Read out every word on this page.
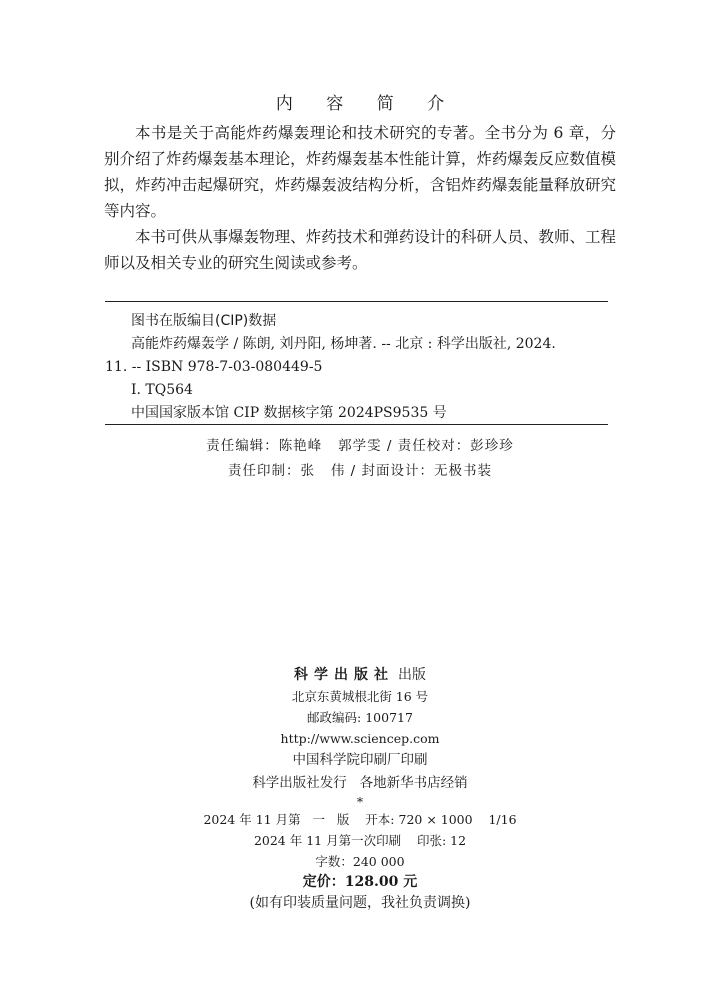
内 容 简 介

本书是关于高能炸药爆轰理论和技术研究的专著。全书分为 6 章，分别介绍了炸药爆轰基本理论，炸药爆轰基本性能计算，炸药爆轰反应数值模拟，炸药冲击起爆研究，炸药爆轰波结构分析，含铝炸药爆轰能量释放研究等内容。

本书可供从事爆轰物理、炸药技术和弹药设计的科研人员、教师、工程师以及相关专业的研究生阅读或参考。

图书在版编目(CIP)数据
高能炸药爆轰学 / 陈朗, 刘丹阳, 杨坤著. -- 北京 : 科学出版社, 2024.
11. -- ISBN 978-7-03-080449-5
Ⅰ. TQ564
中国国家版本馆 CIP 数据核字第 2024PS9535 号
责任编辑：陈艳峰   郭学雯 / 责任校对：彭珍珍
责任印制：张   伟 / 封面设计：无极书装
科学出版社 出版
北京东黄城根北街 16 号
邮政编码: 100717
http://www.sciencep.com
中国科学院印刷厂印刷
科学出版社发行   各地新华书店经销
*
2024 年 11 月第   一   版    开本: 720 × 1000    1/16
2024 年 11 月第一次印刷    印张: 12
字数：240 000
定价：128.00 元
(如有印装质量问题，我社负责调换)
